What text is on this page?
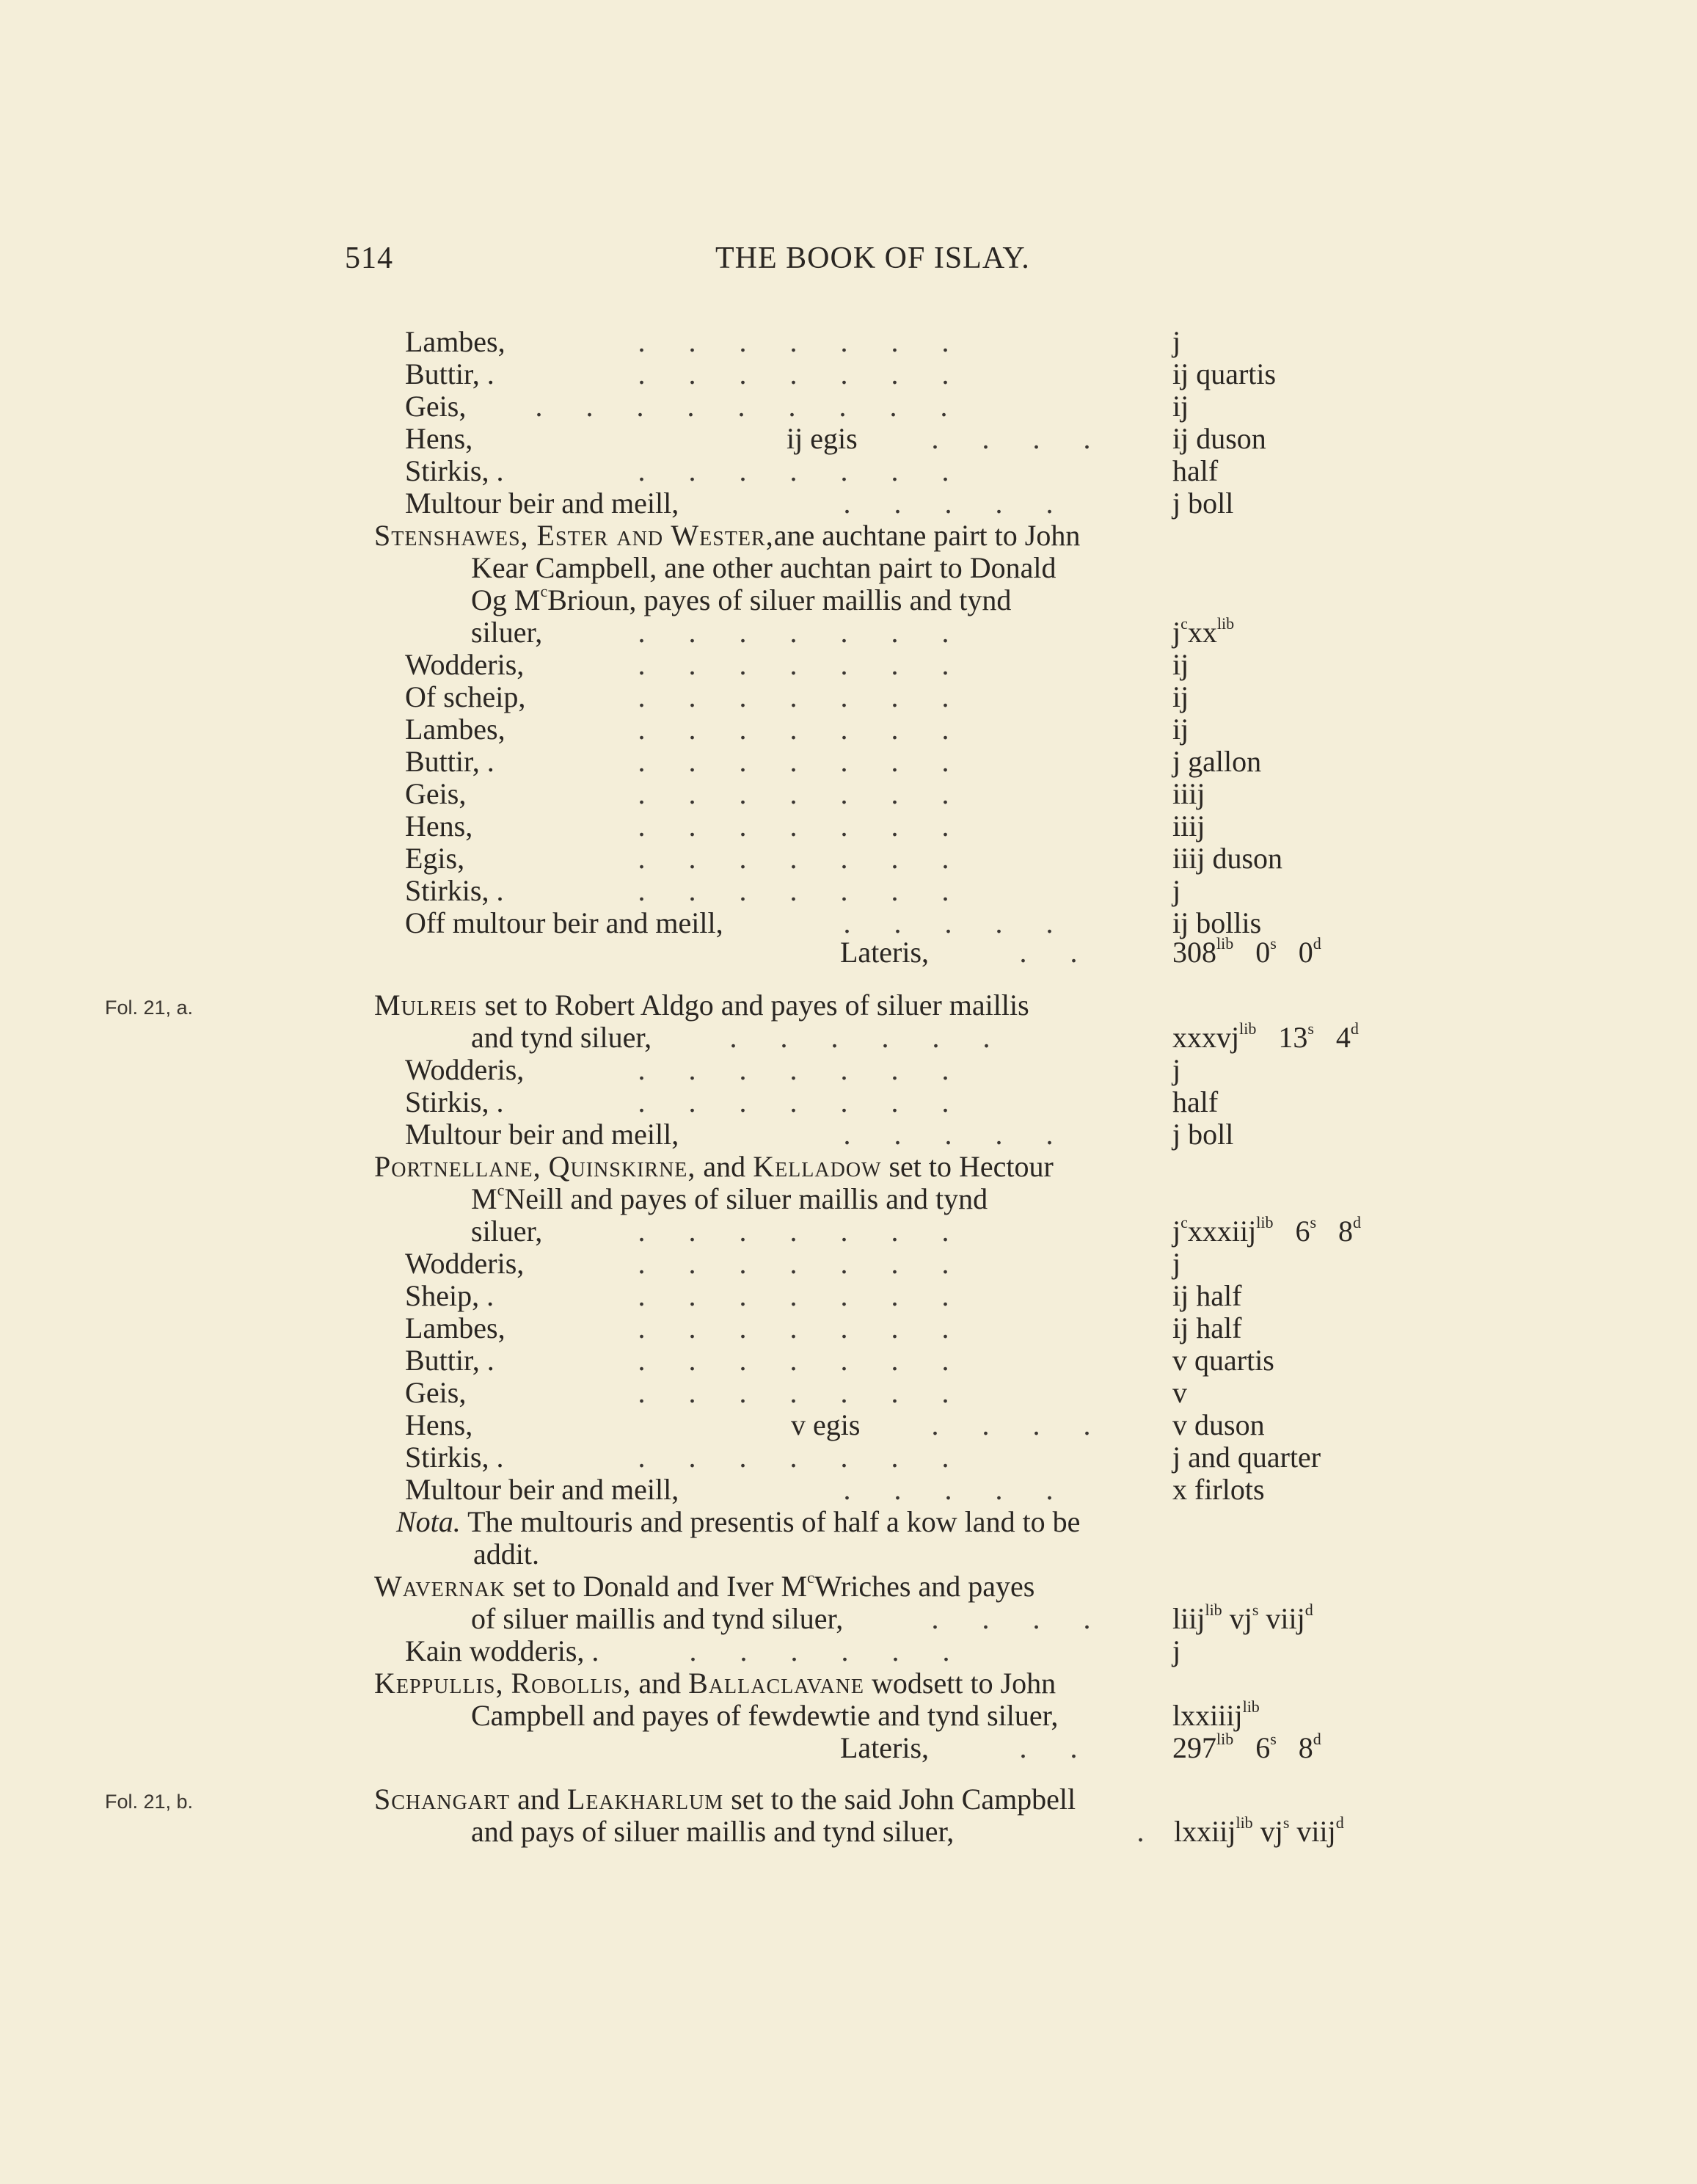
514	THE BOOK OF ISLAY.
Lambes,	. . . . . . .	j
Buttir, .	. . . . . . .	ij quartis
Geis,	. . . . . . . . .	ij
Hens,	ij egis	. . . .	ij duson
Stirkis, .	. . . . . . .	half
Multour beir and meill,	. . . . .	j boll
Stenshawes, Ester and Wester,ane auchtane pairt to John
Kear Campbell, ane other auchtan pairt to Donald
Og $M^cBrioun$, payes of siluer maillis and tynd
siluer,	. . . . . . .	$j^cxx^{lib}$
Wodderis,	. . . . . . .	ij
Of scheip,	. . . . . . .	ij
Lambes,	. . . . . . .	ij
Buttir, .	. . . . . . .	j gallon
Geis,	. . . . . . .	iiij
Hens,	. . . . . . .	iiij
Egis,	. . . . . . .	iiij duson
Stirkis, .	. . . . . . .	j
Off multour beir and meill,	. . . . .	ij bollis
Lateris,	. .	$308^{lib}$ 0$^s$ 0$^d$
Fol. 21, a.	Mulreis set to Robert Aldgo and payes of siluer maillis
and tynd siluer,	. . . . . .	xxxvj$^{lib}$ 13$^s$ 4$^d$
Wodderis,	. . . . . . .	j
Stirkis, .	. . . . . . .	half
Multour beir and meill,	. . . . .	j boll
Portnellane, Quinskirne, and Kelladow set to Hectour
$M^cNeill$ and payes of siluer maillis and tynd
siluer,	. . . . . . .	$j^cxxxiij^{lib}$ 6$^s$ 8$^d$
Wodderis,	. . . . . . .	j
Sheip, .	. . . . . . .	ij half
Lambes,	. . . . . . .	ij half
Buttir, .	. . . . . . .	v quartis
Geis,	. . . . . . .	v
Hens,	v egis	. . . .	v duson
Stirkis, .	. . . . . . .	j and quarter
Multour beir and meill,	. . . . .	x firlots
Nota. The multouris and presentis of half a kow land to be
addit.
Wavernak set to Donald and Iver $M^cWriches$ and payes
of siluer maillis and tynd siluer,	. . . .	liij$^{lib}$ $vj^s$ viij$^d$
Kain wodderis, .	. . . . . .	j
Keppullis, Robollis, and Ballaclavane wodsett to John
Campbell and payes of fewdewtie and tynd siluer,	lxxiiij$^{lib}$
Lateris,	. .	$297^{lib}$ 6$^s$ 8$^d$
Fol. 21, b.	Schangart and Leakharlum set to the said John Campbell
and pays of siluer maillis and tynd siluer,	.	lxxiij$^{lib}$ $vj^s$ viij$^d$
